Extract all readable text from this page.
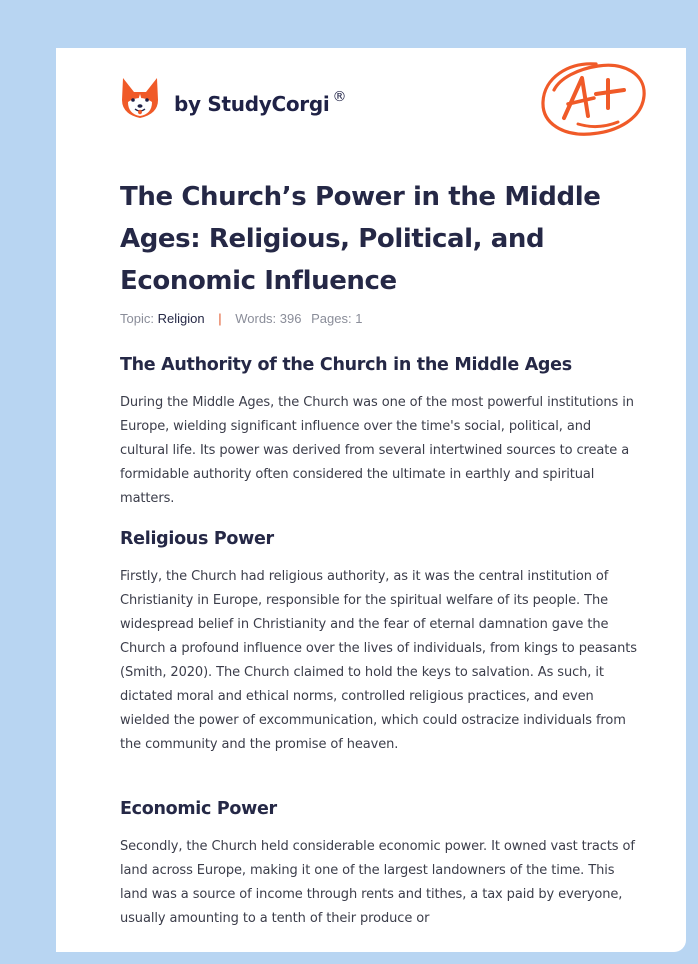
by StudyCorgi ®
The Church’s Power in the Middle Ages: Religious, Political, and Economic Influence
Topic: Religion | Words: 396 Pages: 1
The Authority of the Church in the Middle Ages

During the Middle Ages, the Church was one of the most powerful institutions in Europe, wielding significant influence over the time's social, political, and cultural life. Its power was derived from several intertwined sources to create a formidable authority often considered the ultimate in earthly and spiritual matters.

Religious Power

Firstly, the Church had religious authority, as it was the central institution of Christianity in Europe, responsible for the spiritual welfare of its people. The widespread belief in Christianity and the fear of eternal damnation gave the Church a profound influence over the lives of individuals, from kings to peasants (Smith, 2020). The Church claimed to hold the keys to salvation. As such, it dictated moral and ethical norms, controlled religious practices, and even wielded the power of excommunication, which could ostracize individuals from the community and the promise of heaven.

Economic Power

Secondly, the Church held considerable economic power. It owned vast tracts of land across Europe, making it one of the largest landowners of the time. This land was a source of income through rents and tithes, a tax paid by everyone, usually amounting to a tenth of their produce or
